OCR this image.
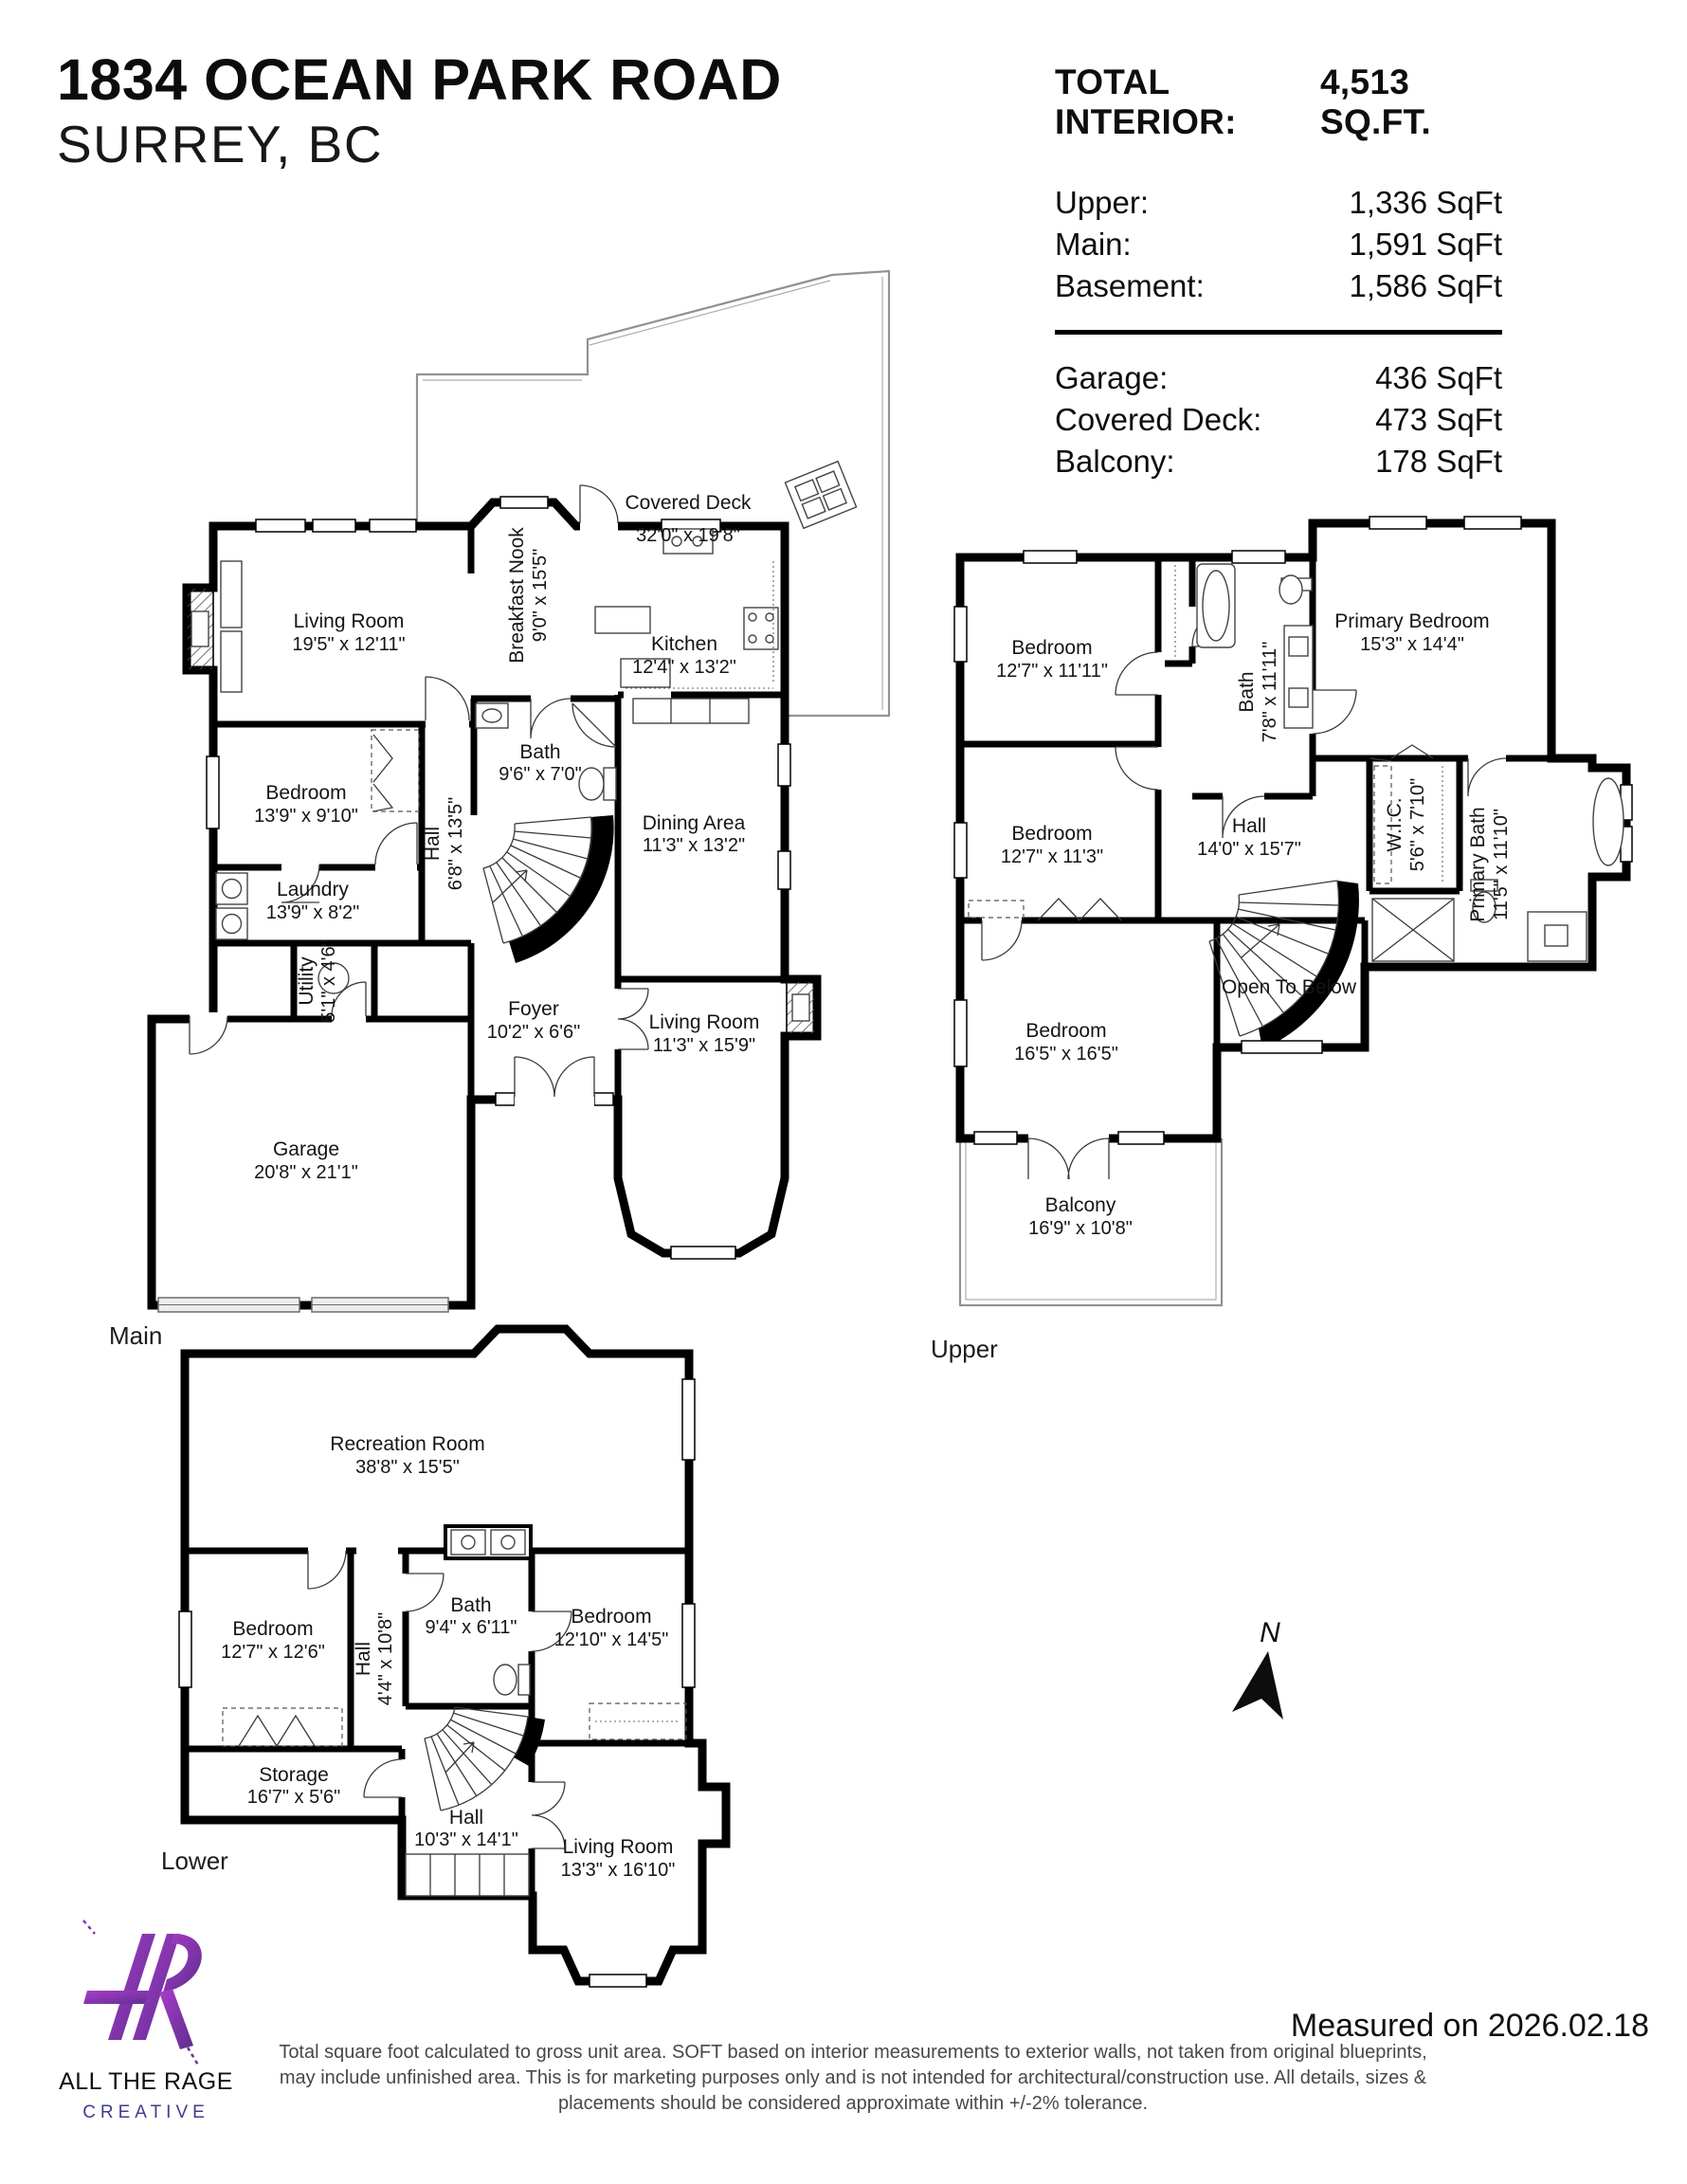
1834 OCEAN PARK ROAD
SURREY, BC
TOTAL INTERIOR:
4,513 SQ.FT.
Upper:	1,336 SqFt
Main:	1,591 SqFt
Basement:	1,586 SqFt
Garage:	436 SqFt
Covered Deck:	473 SqFt
Balcony:	178 SqFt
Covered Deck
32'0" x 19'8"
Living Room
19'5" x 12'11"	Breakfast Nook 9'0" x 15'5"
Kitchen
12'4" x 13'2"
Bedroom
13'9" x 9'10"
Bath
9'6" x 7'0"
Hall 6'8" x 13'5"	Dining Area
11'3" x 13'2"
Laundry
13'9" x 8'2"
Utility 5'1" x 4'6"	Foyer
10'2" x 6'6"	Living Room
11'3" x 15'9"
Garage
20'8" x 21'1"
Main
Bedroom
12'7" x 11'11"
Bath 7'8" x 11'11"
Primary Bedroom
15'3" x 14'4"
Bedroom
12'7" x 11'3"
Hall
14'0" x 15'7"	W.I.C. 5'6" x 7'10" Primary Bath 11'5" x 11'10"
Bedroom
16'5" x 16'5"
Open To Below
Balcony
16'9" x 10'8"
Upper
Recreation Room
38'8" x 15'5"
Bedroom
12'7" x 12'6" Hall 4'4" x 10'8"
Bath
9'4" x 6'11"	Bedroom
12'10" x 14'5"
Storage
16'7" x 5'6"
Hall
10'3" x 14'1" Living Room
13'3" x 16'10"
Lower
N
Measured on 2026.02.18
Total square foot calculated to gross unit area. SOFT based on interior measurements to exterior walls, not taken from original blueprints,
may include unfinished area. This is for marketing purposes only and is not intended for architectural/construction use. All details, sizes &
placements should be considered approximate within +/-2% tolerance.
ALL THE RAGE
CREATIVE
